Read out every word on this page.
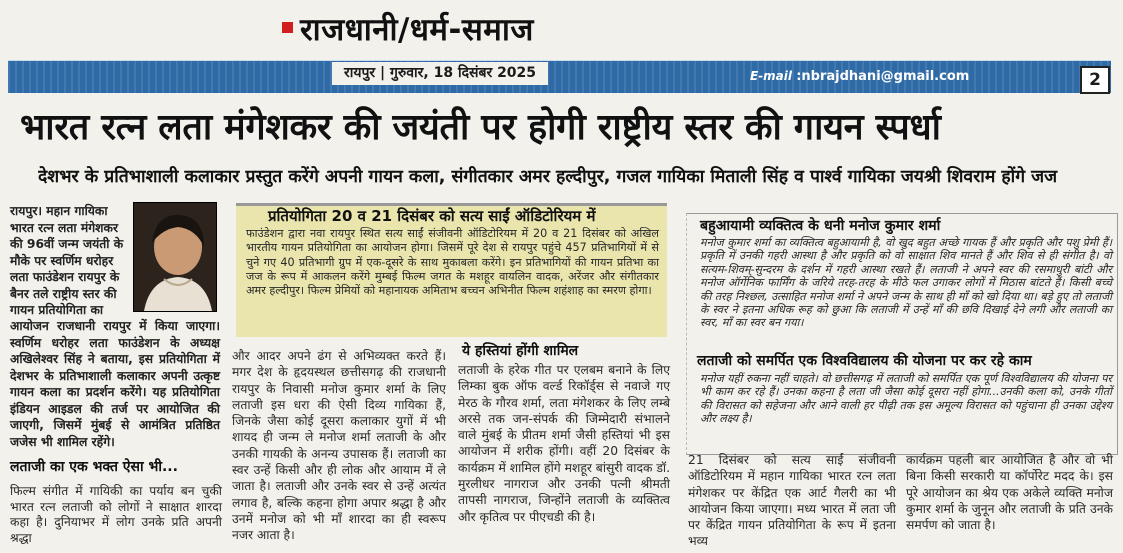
राजधानी/धर्म-समाज
रायपुर | गुरुवार, 18 दिसंबर 2025	E-mail :nbrajdhani@gmail.com	2
भारत रत्न लता मंगेशकर की जयंती पर होगी राष्ट्रीय स्तर की गायन स्पर्धा
देशभर के प्रतिभाशाली कलाकार प्रस्तुत करेंगे अपनी गायन कला, संगीतकार अमर हल्दीपुर, गजल गायिका मिताली सिंह व पार्श्व गायिका जयश्री शिवराम होंगे जज

रायपुर। महान गायिका

भारत रत्न लता मंगेशकर

की 96वीं जन्म जयंती के

मौके पर स्वर्णिम धरोहर

लता फाउंडेशन रायपुर के

बैनर तले राष्ट्रीय स्तर की

गायन प्रतियोगिता का

आयोजन राजधानी रायपुर में किया जाएगा। स्वर्णिम धरोहर लता फाउंडेशन के अध्यक्ष अखिलेश्वर सिंह ने बताया, इस प्रतियोगिता में देशभर के प्रतिभाशाली कलाकार अपनी उत्कृष्ट गायन कला का प्रदर्शन करेंगे। यह प्रतियोगिता इंडियन आइडल की तर्ज पर आयोजित की जाएगी, जिसमें मुंबई से आमंत्रित प्रतिष्ठित जजेस भी शामिल रहेंगे।

लताजी का एक भक्त ऐसा भी...

फिल्म संगीत में गायिकी का पर्याय बन चुकी भारत रत्न लताजी को लोगों ने साक्षात शारदा कहा है। दुनियाभर में लोग उनके प्रति अपनी श्रद्धा

प्रतियोगिता 20 व 21 दिसंबर को सत्य साईं ऑडिटोरियम में

फाउंडेशन द्वारा नवा रायपुर स्थित सत्य साईं संजीवनी ऑडिटोरियम में 20 व 21 दिसंबर को अखिल भारतीय गायन प्रतियोगिता का आयोजन होगा। जिसमें पूरे देश से रायपुर पहुंचे 457 प्रतिभागियों में से चुने गए 40 प्रतिभागी ग्रुप में एक-दूसरे के साथ मुकाबला करेंगे। इन प्रतिभागियों की गायन प्रतिभा का जज के रूप में आकलन करेंगे मुम्बई फिल्म जगत के मशहूर वायलिन वादक, अरेंजर और संगीतकार अमर हल्दीपुर। फिल्म प्रेमियों को महानायक अमिताभ बच्चन अभिनीत फिल्म शहंशाह का स्मरण होगा।

और आदर अपने ढंग से अभिव्यक्त करते हैं। मगर देश के हृदयस्थल छत्तीसगढ़ की राजधानी रायपुर के निवासी मनोज कुमार शर्मा के लिए लताजी इस धरा की ऐसी दिव्य गायिका हैं, जिनके जैसा कोई दूसरा कलाकार युगों में भी शायद ही जन्म ले मनोज शर्मा लताजी के और उनकी गायकी के अनन्य उपासक हैं। लताजी का स्वर उन्हें किसी और ही लोक और आयाम में ले जाता है। लताजी और उनके स्वर से उन्हें अत्यंत लगाव है, बल्कि कहना होगा अपार श्रद्धा है और उनमें मनोज को भी माँ शारदा का ही स्वरूप नजर आता है।

ये हस्तियां होंगी शामिल

लताजी के हरेक गीत पर एलबम बनाने के लिए लिम्का बुक ऑफ वर्ल्ड रिकॉर्ड्स से नवाजे गए मेरठ के गौरव शर्मा, लता मंगेशकर के लिए लम्बे अरसे तक जन-संपर्क की जिम्मेदारी संभालने वाले मुंबई के प्रीतम शर्मा जैसी हस्तियां भी इस आयोजन में शरीक होंगी। वहीं 20 दिसंबर के कार्यक्रम में शामिल होंगे मशहूर बांसुरी वादक डॉ. मुरलीधर नागराज और उनकी पत्नी श्रीमती तापसी नागराज, जिन्होंने लताजी के व्यक्तित्व और कृतित्व पर पीएचडी की है।

बहुआयामी व्यक्तित्व के धनी मनोज कुमार शर्मा

मनोज कुमार शर्मा का व्यक्तित्व बहुआयामी है, वो खुद बहुत अच्छे गायक हैं और प्रकृति और पशु प्रेमी हैं। प्रकृति में उनकी गहरी आस्था है और प्रकृति को वो साक्षात शिव मानते हैं और शिव से ही संगीत है। वो सत्यम-शिवम्-सुन्दरम के दर्शन में गहरी आस्था रखते हैं। लताजी ने अपने स्वर की रसमाधुरी बांटी और मनोज ऑर्गेनिक फार्मिंग के जरिये तरह-तरह के मीठे फल उगाकर लोगों में मिठास बांटते हैं। किसी बच्चे की तरह निश्छल, उत्साहित मनोज शर्मा ने अपने जन्म के साथ ही माँ को खो दिया था। बड़े हुए तो लताजी के स्वर ने इतना अधिक रूह को छुआ कि लताजी में उन्हें माँ की छवि दिखाई देने लगी और लताजी का स्वर, माँ का स्वर बन गया।

लताजी को समर्पित एक विश्वविद्यालय की योजना पर कर रहे काम

मनोज यहीं रुकना नहीं चाहते। वो छत्तीसगढ़ में लताजी को समर्पित एक पूर्ण विश्वविद्यालय की योजना पर भी काम कर रहे हैं। उनका कहना है लता जी जैसा कोई दूसरा नहीं होगा...उनकी कला को, उनके गीतों की विरासत को सहेजना और आने वाली हर पीढ़ी तक इस अमूल्य विरासत को पहुंचाना ही उनका उद्देश्य और लक्ष्य है।

21 दिसंबर को सत्य साईं संजीवनी ऑडिटोरियम में महान गायिका भारत रत्न लता मंगेशकर पर केंद्रित एक आर्ट गैलरी का भी आयोजन किया जाएगा। मध्य भारत में लता जी पर केंद्रित गायन प्रतियोगिता के रूप में इतना भव्य

कार्यक्रम पहली बार आयोजित है और वो भी बिना किसी सरकारी या कॉर्पोरेट मदद के। इस पूरे आयोजन का श्रेय एक अकेले व्यक्ति मनोज कुमार शर्मा के जुनून और लताजी के प्रति उनके समर्पण को जाता है।
